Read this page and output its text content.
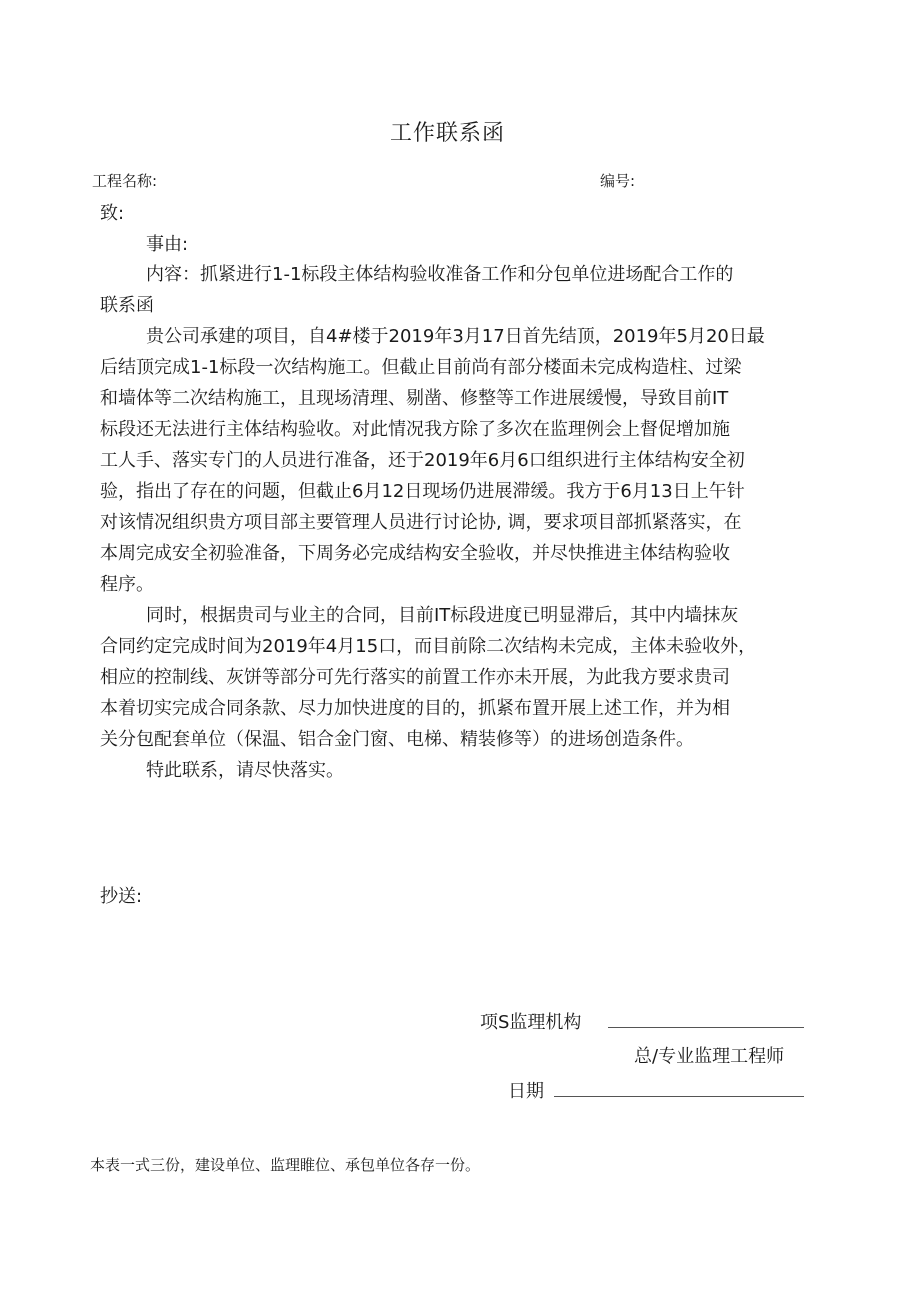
工作联系函
工程名称:	编号:
致:
事由:
内容：抓紧进行1-1标段主体结构验收准备工作和分包单位进场配合工作的
联系函
贵公司承建的项目，自4#楼于2019年3月17日首先结顶，2019年5月20日最
后结顶完成1-1标段一次结构施工。但截止目前尚有部分楼面未完成构造柱、过梁
和墙体等二次结构施工，且现场清理、剔凿、修整等工作进展缓慢，导致目前IT
标段还无法进行主体结构验收。对此情况我方除了多次在监理例会上督促增加施
工人手、落实专门的人员进行准备，还于2019年6月6口组织进行主体结构安全初
验，指出了存在的问题，但截止6月12日现场仍进展滞缓。我方于6月13日上午针
对该情况组织贵方项目部主要管理人员进行讨论协, 调，要求项目部抓紧落实，在
本周完成安全初验准备，下周务必完成结构安全验收，并尽快推进主体结构验收
程序。
同时，根据贵司与业主的合同，目前IT标段进度已明显滞后，其中内墙抹灰
合同约定完成时间为2019年4月15口，而目前除二次结构未完成，主体未验收外，
相应的控制线、灰饼等部分可先行落实的前置工作亦未开展，为此我方要求贵司
本着切实完成合同条款、尽力加快进度的目的，抓紧布置开展上述工作，并为相
关分包配套单位（保温、铝合金门窗、电梯、精装修等）的进场创造条件。
特此联系，请尽快落实。
抄送:
项S监理机构
总/专业监理工程师
日期
本表一式三份，建设单位、监理睢位、承包单位各存一份。
